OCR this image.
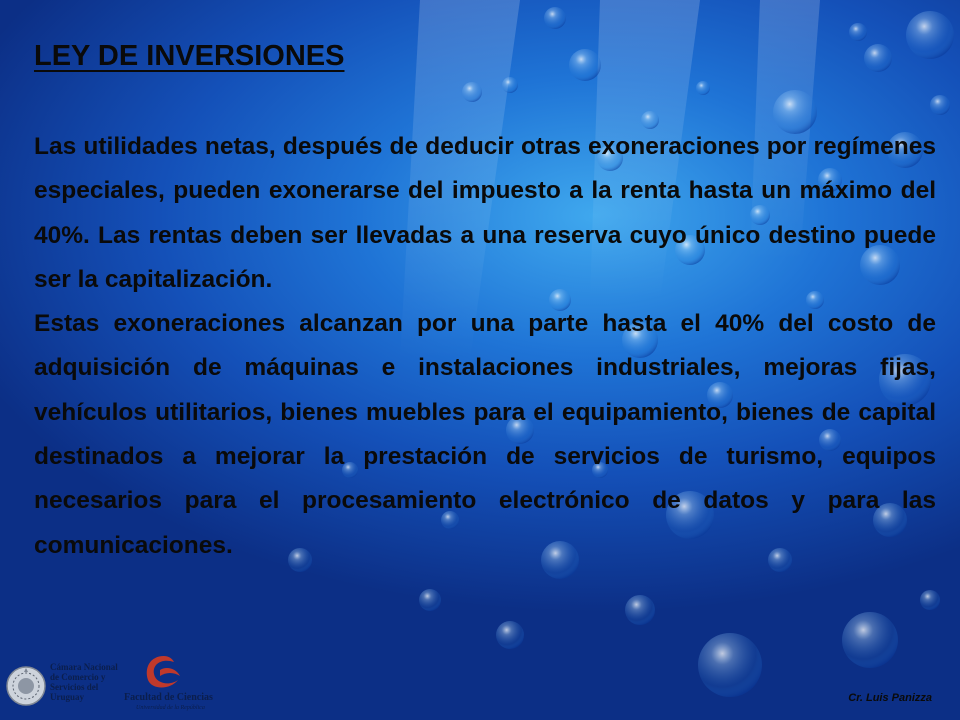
LEY DE INVERSIONES

Las utilidades netas, después de deducir otras exoneraciones por regímenes especiales, pueden exonerarse del impuesto a la renta hasta un máximo del 40%. Las rentas deben ser llevadas a una reserva cuyo único destino puede ser la capitalización.

Estas exoneraciones alcanzan por una parte hasta el 40% del costo de adquisición de máquinas e instalaciones industriales, mejoras fijas, vehículos utilitarios, bienes muebles para el equipamiento, bienes de capital destinados a mejorar la prestación de servicios de turismo, equipos necesarios para el procesamiento electrónico de datos y para las comunicaciones.

Cámara Nacional
de Comercio y
Servicios del
Uruguay	Facultad de Ciencias
Universidad de la República
Cr. Luis Panizza
